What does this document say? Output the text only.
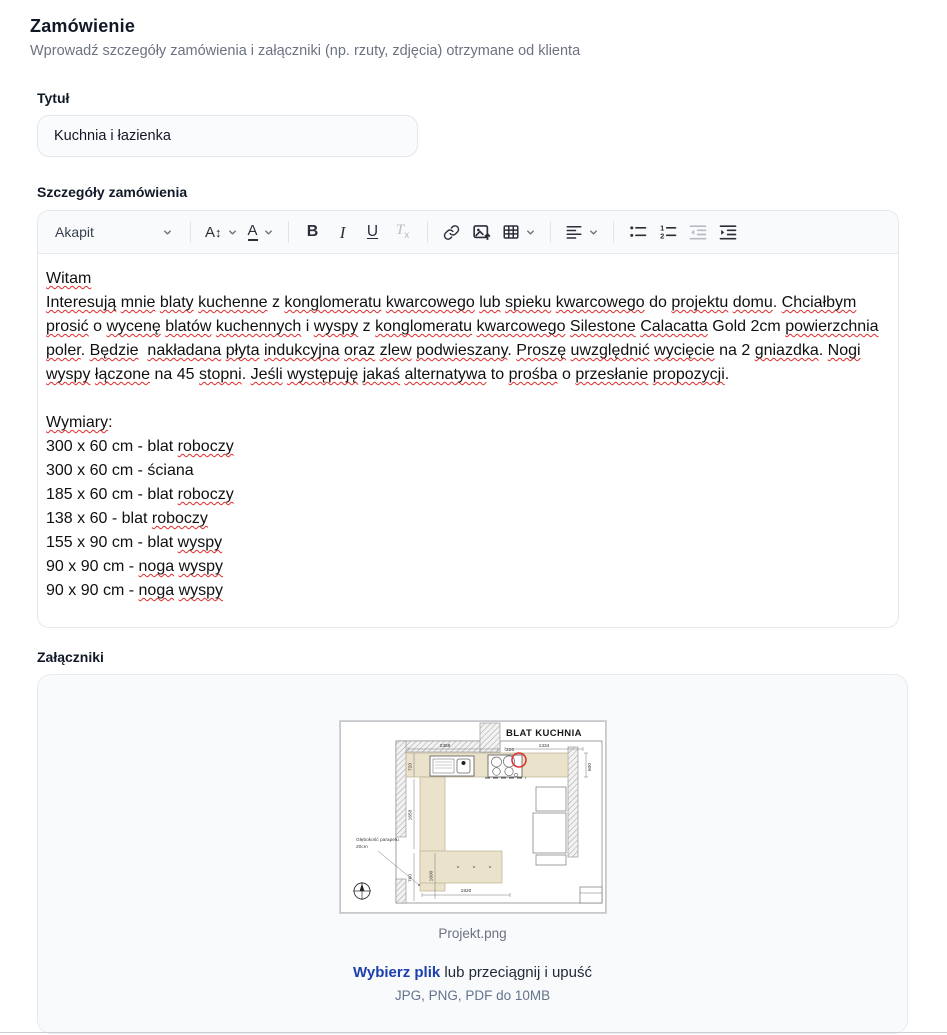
Zamówienie

Wprowadź szczegóły zamówienia i załączniki (np. rzuty, zdjęcia) otrzymane od klienta

Tytuł
Kuchnia i łazienka
Szczegóły zamówienia
Akapit	A↕ A	B I U $T_x$
1
2
Witam
Interesują mnie blaty kuchenne z konglomeratu kwarcowego lub spieku kwarcowego do projektu domu. Chciałbym
prosić o wycenę blatów kuchennych i wyspy z konglomeratu kwarcowego Silestone Calacatta Gold 2cm powierzchnia
poler. Będzie nakładana płyta indukcyjna oraz zlew podwieszany. Proszę uwzględnić wycięcie na 2 gniazdka. Nogi
wyspy łączone na 45 stopni. Jeśli występuję jakaś alternatywa to prośba o przesłanie propozycji.

Wymiary:
300 x 60 cm - blat roboczy
300 x 60 cm - ściana
185 x 60 cm - blat roboczy
138 x 60 - blat roboczy
155 x 90 cm - blat wyspy
90 x 90 cm - noga wyspy
90 x 90 cm - noga wyspy
Załączniki
BLAT KUCHNIA
226
2359	1334
720	600
1650
760	1600
1920
Głębokość parapetu
20cm
Projekt.png
Wybierz plik lub przeciągnij i upuść
JPG, PNG, PDF do 10MB
